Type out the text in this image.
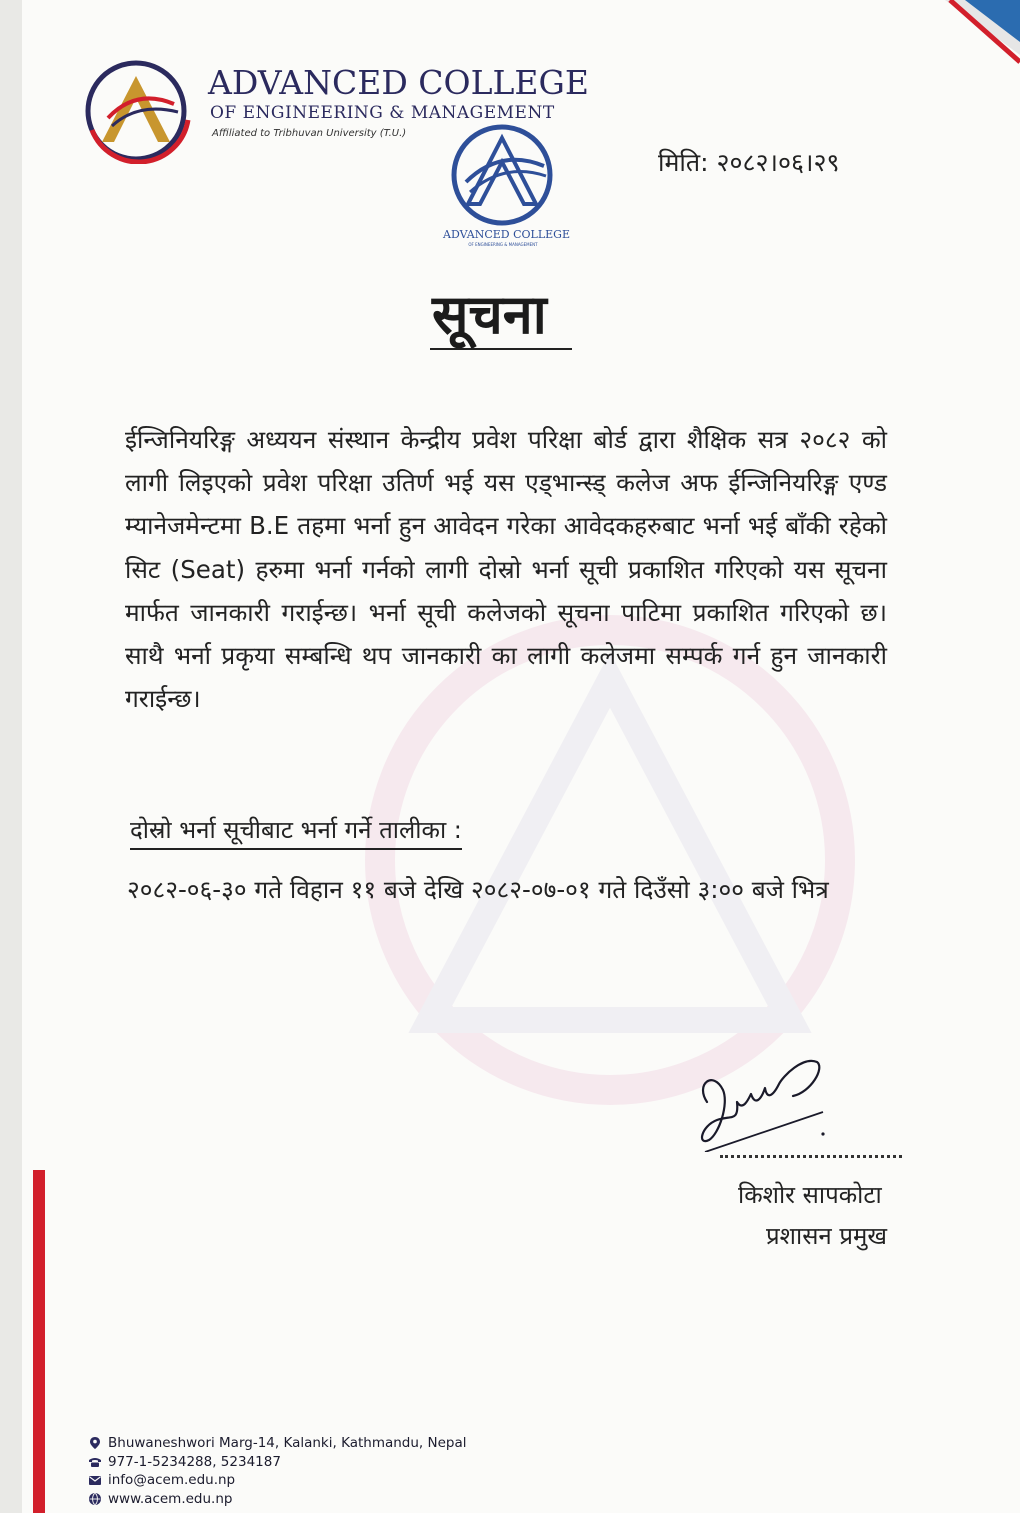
ADVANCED COLLEGE
OF ENGINEERING & MANAGEMENT
Affiliated to Tribhuvan University (T.U.)
ADVANCED COLLEGE
OF ENGINEERING & MANAGEMENT
मिति: २०८२।०६।२९
सूचना
ईन्जिनियरिङ्ग अध्ययन संस्थान केन्द्रीय प्रवेश परिक्षा बोर्ड द्वारा शैक्षिक सत्र २०८२ को लागी लिइएको प्रवेश परिक्षा उतिर्ण भई यस एड्भान्स्ड् कलेज अफ ईन्जिनियरिङ्ग एण्ड म्यानेजमेन्टमा B.E तहमा भर्ना हुन आवेदन गरेका आवेदकहरुबाट भर्ना भई बाँकी रहेको सिट (Seat) हरुमा भर्ना गर्नको लागी दोस्रो भर्ना सूची प्रकाशित गरिएको यस सूचना मार्फत जानकारी गराईन्छ। भर्ना सूची कलेजको सूचना पाटिमा प्रकाशित गरिएको छ। साथै भर्ना प्रकृया सम्बन्धि थप जानकारी का लागी कलेजमा सम्पर्क गर्न हुन जानकारी गराईन्छ।
दोस्रो भर्ना सूचीबाट भर्ना गर्ने तालीका :
२०८२-०६-३० गते विहान ११ बजे देखि २०८२-०७-०१ गते दिउँसो ३:०० बजे भित्र
किशोर सापकोटा
प्रशासन प्रमुख
Bhuwaneshwori Marg-14, Kalanki, Kathmandu, Nepal
977-1-5234288, 5234187
info@acem.edu.np
www.acem.edu.np
